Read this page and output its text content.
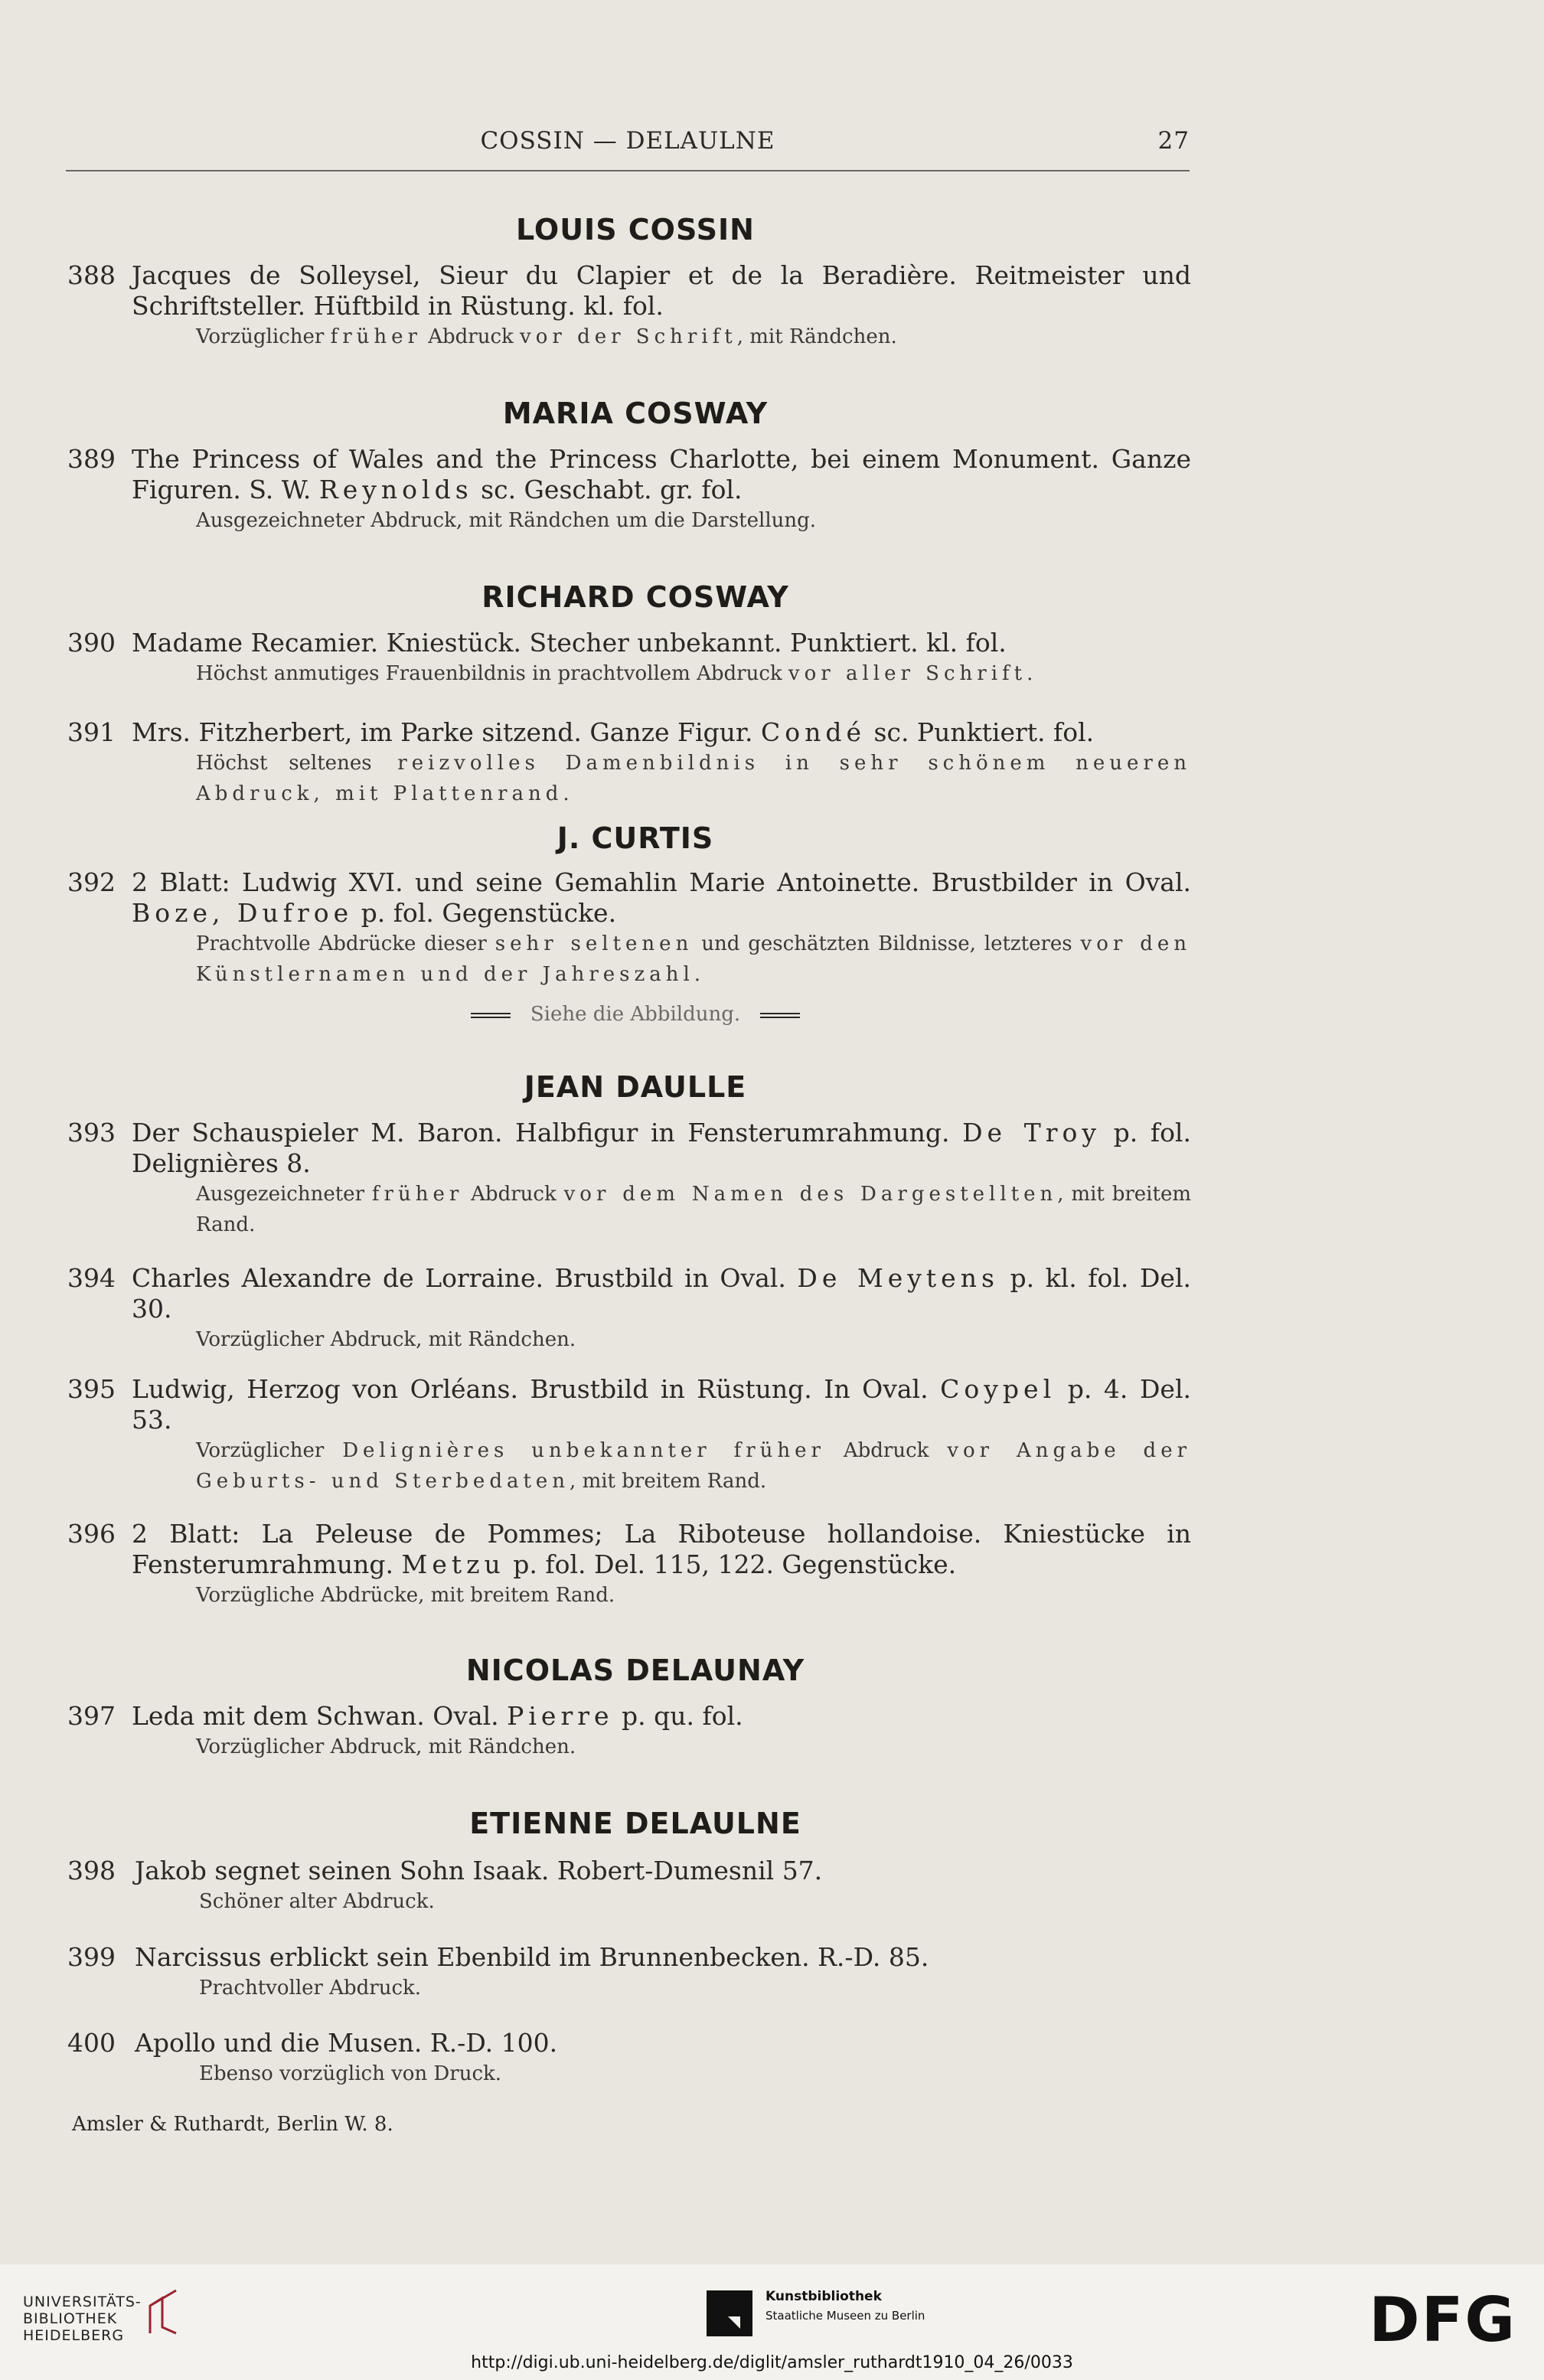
COSSIN — DELAULNE	27
LOUIS COSSIN
388 Jacques de Solleysel, Sieur du Clapier et de la Beradière. Reitmeister und Schriftsteller. Hüftbild in Rüstung. kl. fol.
Vorzüglicher früher Abdruck vor der Schrift, mit Rändchen.
MARIA COSWAY
389 The Princess of Wales and the Princess Charlotte, bei einem Monument. Ganze Figuren. S. W. Reynolds sc. Geschabt. gr. fol.
Ausgezeichneter Abdruck, mit Rändchen um die Darstellung.
RICHARD COSWAY
390 Madame Recamier. Kniestück. Stecher unbekannt. Punktiert. kl. fol.
Höchst anmutiges Frauenbildnis in prachtvollem Abdruck vor aller Schrift.
391 Mrs. Fitzherbert, im Parke sitzend. Ganze Figur. Condé sc. Punktiert. fol.
Höchst seltenes reizvolles Damenbildnis in sehr schönem neueren Abdruck, mit Plattenrand.
J. CURTIS
392 2 Blatt: Ludwig XVI. und seine Gemahlin Marie Antoinette. Brustbilder in Oval. Boze, Dufroe p. fol. Gegenstücke.
Prachtvolle Abdrücke dieser sehr seltenen und geschätzten Bildnisse, letzteres vor den Künstlernamen und der Jahreszahl.
Siehe die Abbildung.
JEAN DAULLE
393 Der Schauspieler M. Baron. Halbfigur in Fensterumrahmung. De Troy p. fol. Delignières 8.
Ausgezeichneter früher Abdruck vor dem Namen des Dargestellten, mit breitem Rand.
394 Charles Alexandre de Lorraine. Brustbild in Oval. De Meytens p. kl. fol. Del. 30.
Vorzüglicher Abdruck, mit Rändchen.
395 Ludwig, Herzog von Orléans. Brustbild in Rüstung. In Oval. Coypel p. 4. Del. 53.
Vorzüglicher Delignières unbekannter früher Abdruck vor Angabe der Geburts- und Sterbedaten, mit breitem Rand.
396 2 Blatt: La Peleuse de Pommes; La Riboteuse hollandoise. Kniestücke in Fensterumrahmung. Metzu p. fol. Del. 115, 122. Gegenstücke.
Vorzügliche Abdrücke, mit breitem Rand.
NICOLAS DELAUNAY
397 Leda mit dem Schwan. Oval. Pierre p. qu. fol.
Vorzüglicher Abdruck, mit Rändchen.
ETIENNE DELAULNE
398 Jakob segnet seinen Sohn Isaak. Robert-Dumesnil 57.
Schöner alter Abdruck.
399 Narcissus erblickt sein Ebenbild im Brunnenbecken. R.-D. 85.
Prachtvoller Abdruck.
400 Apollo und die Musen. R.-D. 100.
Ebenso vorzüglich von Druck.
Amsler & Ruthardt, Berlin W. 8.
UNIVERSITÄTS-
BIBLIOTHEK
HEIDELBERG
Kunstbibliothek
Staatliche Museen zu Berlin	DFG
http://digi.ub.uni-heidelberg.de/diglit/amsler_ruthardt1910_04_26/0033
